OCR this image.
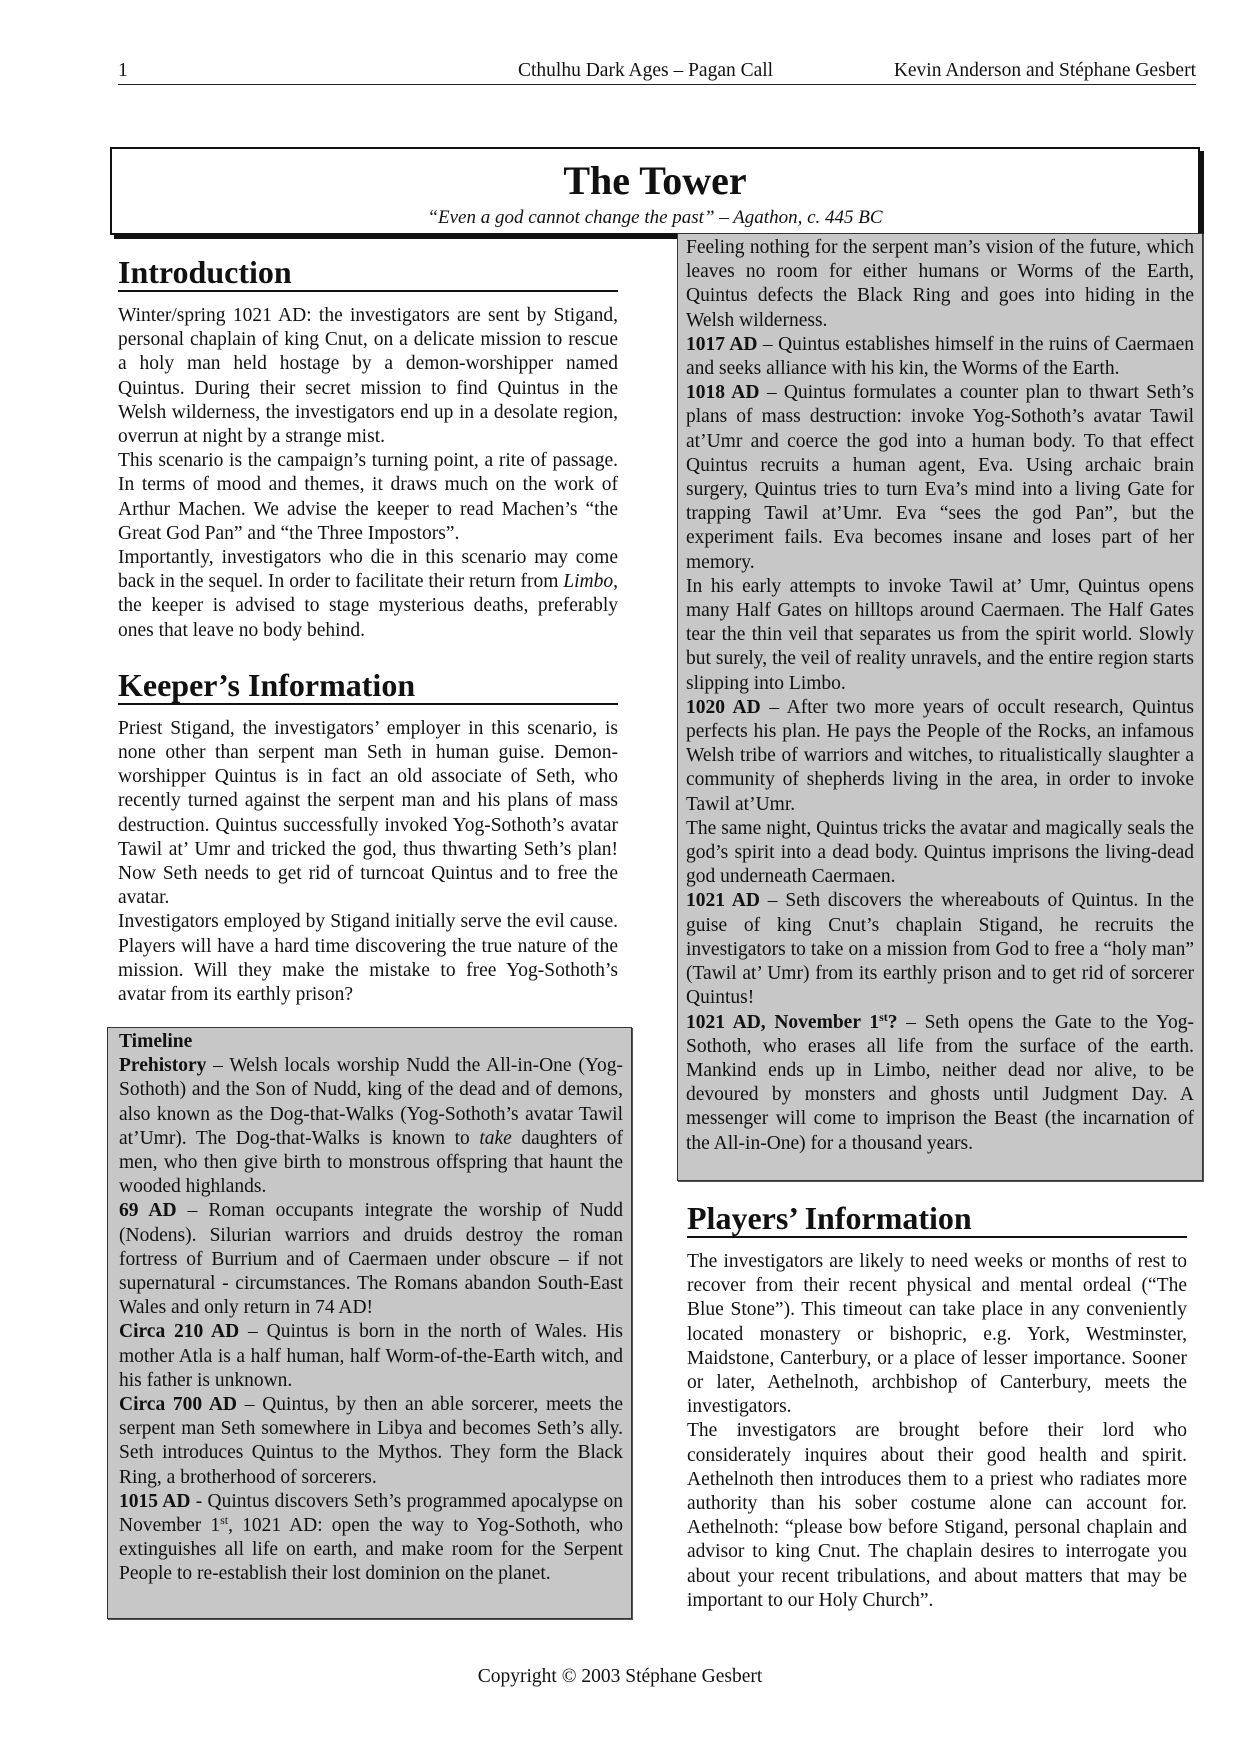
1	Cthulhu Dark Ages – Pagan Call	Kevin Anderson and Stéphane Gesbert
The Tower
“Even a god cannot change the past” – Agathon, c. 445 BC
Introduction

Winter/spring 1021 AD: the investigators are sent by Stigand, personal chaplain of king Cnut, on a delicate mission to rescue a holy man held hostage by a demon-worshipper named Quintus. During their secret mission to find Quintus in the Welsh wilderness, the investigators end up in a desolate region, overrun at night by a strange mist.

This scenario is the campaign’s turning point, a rite of passage. In terms of mood and themes, it draws much on the work of Arthur Machen. We advise the keeper to read Machen’s “the Great God Pan” and “the Three Impostors”.

Importantly, investigators who die in this scenario may come back in the sequel. In order to facilitate their return from Limbo, the keeper is advised to stage mysterious deaths, preferably ones that leave no body behind.

Keeper’s Information

Priest Stigand, the investigators’ employer in this scenario, is none other than serpent man Seth in human guise. Demon-worshipper Quintus is in fact an old associate of Seth, who recently turned against the serpent man and his plans of mass destruction. Quintus successfully invoked Yog-Sothoth’s avatar Tawil at’ Umr and tricked the god, thus thwarting Seth’s plan! Now Seth needs to get rid of turncoat Quintus and to free the avatar.

Investigators employed by Stigand initially serve the evil cause. Players will have a hard time discovering the true nature of the mission. Will they make the mistake to free Yog-Sothoth’s avatar from its earthly prison?

Timeline

Prehistory – Welsh locals worship Nudd the All-in-One (Yog-Sothoth) and the Son of Nudd, king of the dead and of demons, also known as the Dog-that-Walks (Yog-Sothoth’s avatar Tawil at’Umr). The Dog-that-Walks is known to take daughters of men, who then give birth to monstrous offspring that haunt the wooded highlands.

69 AD – Roman occupants integrate the worship of Nudd (Nodens). Silurian warriors and druids destroy the roman fortress of Burrium and of Caermaen under obscure – if not supernatural - circumstances. The Romans abandon South-East Wales and only return in 74 AD!

Circa 210 AD – Quintus is born in the north of Wales. His mother Atla is a half human, half Worm-of-the-Earth witch, and his father is unknown.

Circa 700 AD – Quintus, by then an able sorcerer, meets the serpent man Seth somewhere in Libya and becomes Seth’s ally. Seth introduces Quintus to the Mythos. They form the Black Ring, a brotherhood of sorcerers.

1015 AD - Quintus discovers Seth’s programmed apocalypse on November 1st, 1021 AD: open the way to Yog-Sothoth, who extinguishes all life on earth, and make room for the Serpent People to re-establish their lost dominion on the planet.

Feeling nothing for the serpent man’s vision of the future, which leaves no room for either humans or Worms of the Earth, Quintus defects the Black Ring and goes into hiding in the Welsh wilderness.

1017 AD – Quintus establishes himself in the ruins of Caermaen and seeks alliance with his kin, the Worms of the Earth.

1018 AD – Quintus formulates a counter plan to thwart Seth’s plans of mass destruction: invoke Yog-Sothoth’s avatar Tawil at’Umr and coerce the god into a human body. To that effect Quintus recruits a human agent, Eva. Using archaic brain surgery, Quintus tries to turn Eva’s mind into a living Gate for trapping Tawil at’Umr. Eva “sees the god Pan”, but the experiment fails. Eva becomes insane and loses part of her memory.

In his early attempts to invoke Tawil at’ Umr, Quintus opens many Half Gates on hilltops around Caermaen. The Half Gates tear the thin veil that separates us from the spirit world. Slowly but surely, the veil of reality unravels, and the entire region starts slipping into Limbo.

1020 AD – After two more years of occult research, Quintus perfects his plan. He pays the People of the Rocks, an infamous Welsh tribe of warriors and witches, to ritualistically slaughter a community of shepherds living in the area, in order to invoke Tawil at’Umr.

The same night, Quintus tricks the avatar and magically seals the god’s spirit into a dead body. Quintus imprisons the living-dead god underneath Caermaen.

1021 AD – Seth discovers the whereabouts of Quintus. In the guise of king Cnut’s chaplain Stigand, he recruits the investigators to take on a mission from God to free a “holy man” (Tawil at’ Umr) from its earthly prison and to get rid of sorcerer Quintus!

1021 AD, November 1st? – Seth opens the Gate to the Yog-Sothoth, who erases all life from the surface of the earth. Mankind ends up in Limbo, neither dead nor alive, to be devoured by monsters and ghosts until Judgment Day. A messenger will come to imprison the Beast (the incarnation of the All-in-One) for a thousand years.

Players’ Information

The investigators are likely to need weeks or months of rest to recover from their recent physical and mental ordeal (“The Blue Stone”). This timeout can take place in any conveniently located monastery or bishopric, e.g. York, Westminster, Maidstone, Canterbury, or a place of lesser importance. Sooner or later, Aethelnoth, archbishop of Canterbury, meets the investigators.

The investigators are brought before their lord who considerately inquires about their good health and spirit. Aethelnoth then introduces them to a priest who radiates more authority than his sober costume alone can account for. Aethelnoth: “please bow before Stigand, personal chaplain and advisor to king Cnut. The chaplain desires to interrogate you about your recent tribulations, and about matters that may be important to our Holy Church”.

Copyright © 2003 Stéphane Gesbert
